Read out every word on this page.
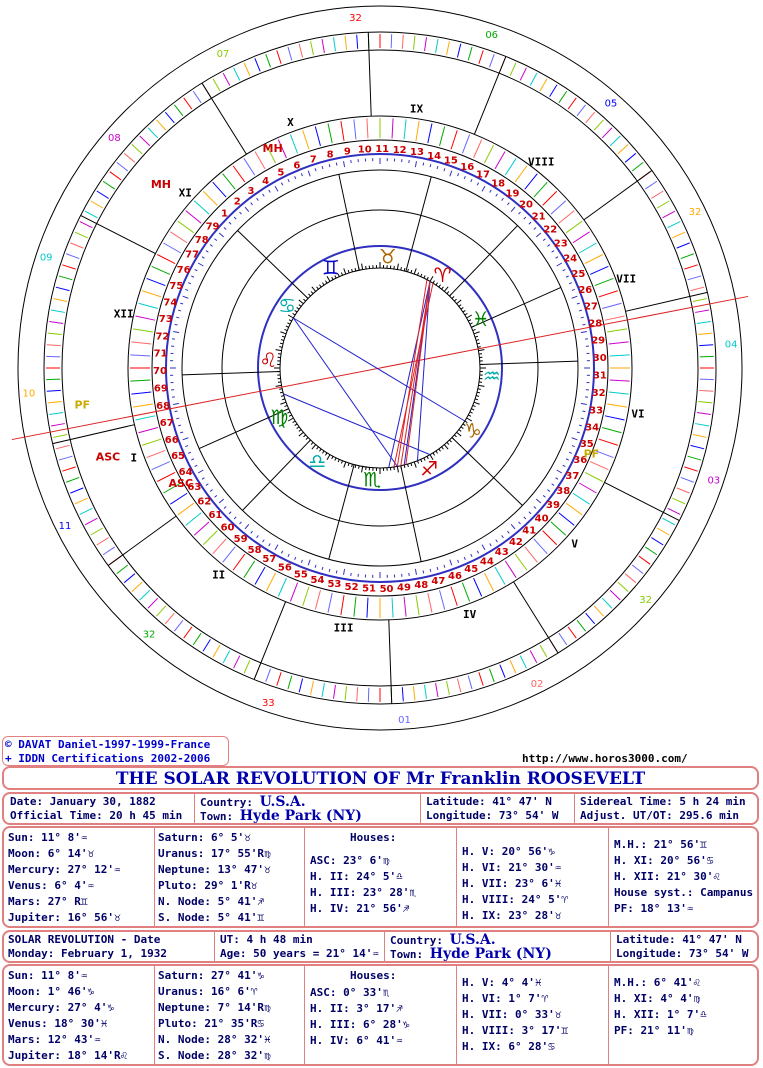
♍
♎
♏ ♐
♑
♒
♓
♈
♉
♊
♋
♌
1
2
3
4
5
6
7 8 9 10 11 12 13 14 15
16
17
18
19
20
21
22
23
24
25
26
27
28
29
30
31
32
33
34
35
36
37
38
39
40
41
42
43
44
45
46
47
48
49
50
51
52
53
54
55
56
57
58
59
60
61
62
63
64
65
66
67
68
69
70
71
72
73
74
75
76
77
78
79
I
II
III
IV
V
VI
VII
VIII
IX
X
XI
XII
32
06
05
32
04
03
32
02
01
33
32
11
10
09
08
07
ASC
MH
PF
ASC
MH
PF
© DAVAT Daniel-1997-1999-France
+ IDDN Certifications 2002-2006	http://www.horos3000.com/
THE SOLAR REVOLUTION OF Mr Franklin ROOSEVELT
Date: January 30, 1882
Official Time: 20 h 45 min
Country: U.S.A.
Town: Hyde Park (NY)
Latitude: 41° 47' N
Longitude: 73° 54' W
Sidereal Time: 5 h 24 min
Adjust. UT/OT: 295.6 min
Sun: 11° 8'♒
Moon: 6° 14'♉
Mercury: 27° 12'♒
Venus: 6° 4'♒
Mars: 27° R♊
Jupiter: 16° 56'♉
Saturn: 6° 5'♉
Uranus: 17° 55'R♍
Neptune: 13° 47'♉
Pluto: 29° 1'R♉
N. Node: 5° 41'♐
S. Node: 5° 41'♊
Houses:
ASC: 23° 6'♍
H. II: 24° 5'♎
H. III: 23° 28'♏
H. IV: 21° 56'♐
H. V: 20° 56'♑
H. VI: 21° 30'♒
H. VII: 23° 6'♓
H. VIII: 24° 5'♈
H. IX: 23° 28'♉
M.H.: 21° 56'♊
H. XI: 20° 56'♋
H. XII: 21° 30'♌
House syst.: Campanus
PF: 18° 13'♒
SOLAR REVOLUTION - Date
Monday: February 1, 1932
UT: 4 h 48 min
Age: 50 years = 21° 14'♒
Country: U.S.A.
Town: Hyde Park (NY)
Latitude: 41° 47' N
Longitude: 73° 54' W
Sun: 11° 8'♒
Moon: 1° 46'♑
Mercury: 27° 4'♑
Venus: 18° 30'♓
Mars: 12° 43'♒
Jupiter: 18° 14'R♌
Saturn: 27° 41'♑
Uranus: 16° 6'♈
Neptune: 7° 14'R♍
Pluto: 21° 35'R♋
N. Node: 28° 32'♓
S. Node: 28° 32'♍
Houses:
ASC: 0° 33'♏
H. II: 3° 17'♐
H. III: 6° 28'♑
H. IV: 6° 41'♒
H. V: 4° 4'♓
H. VI: 1° 7'♈
H. VII: 0° 33'♉
H. VIII: 3° 17'♊
H. IX: 6° 28'♋
M.H.: 6° 41'♌
H. XI: 4° 4'♍
H. XII: 1° 7'♎
PF: 21° 11'♍
